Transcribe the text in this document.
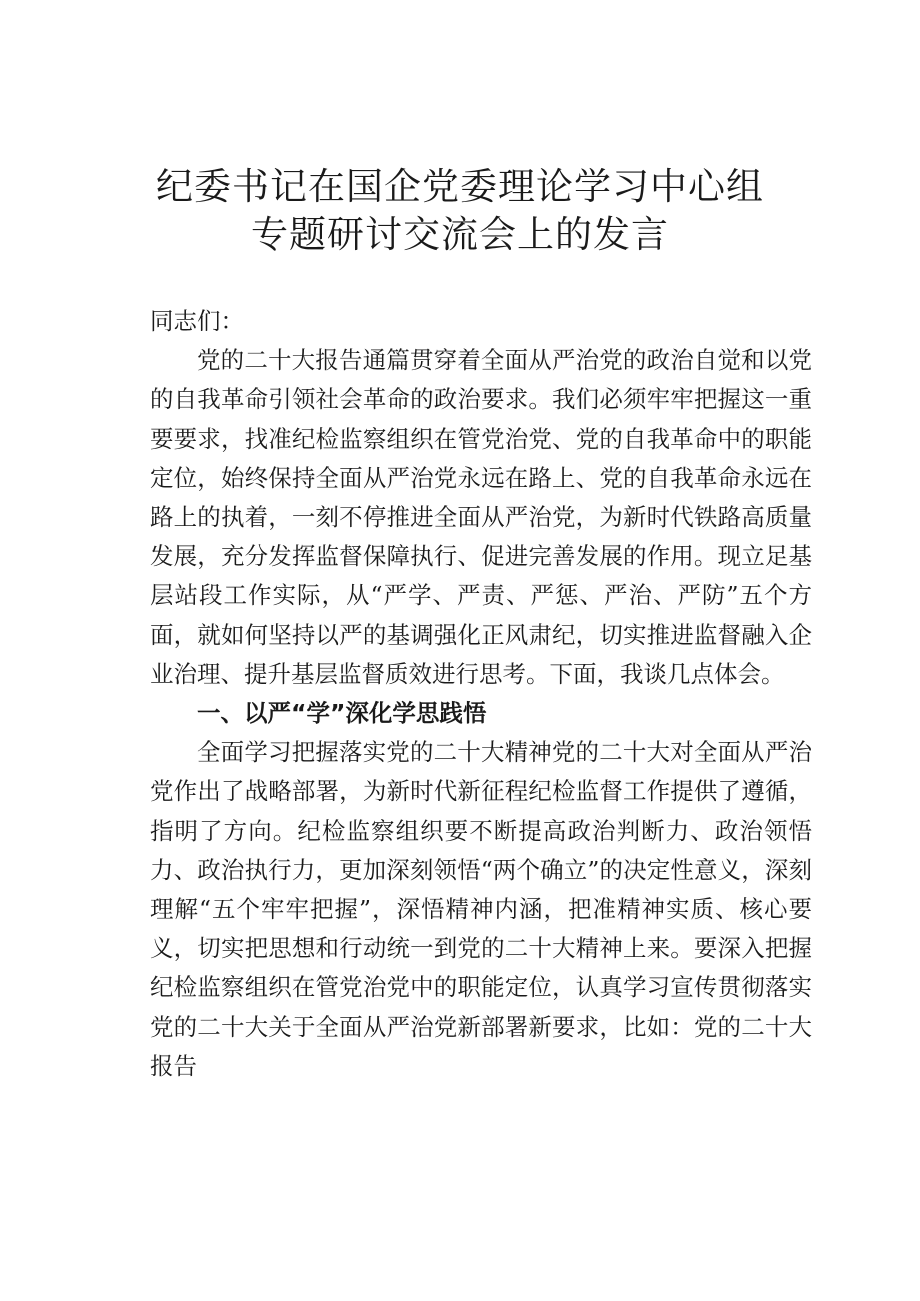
纪委书记在国企党委理论学习中心组
专题研讨交流会上的发言

同志们：

党的二十大报告通篇贯穿着全面从严治党的政治自觉和以党的自我革命引领社会革命的政治要求。我们必须牢牢把握这一重要要求，找准纪检监察组织在管党治党、党的自我革命中的职能定位，始终保持全面从严治党永远在路上、党的自我革命永远在路上的执着，一刻不停推进全面从严治党，为新时代铁路高质量发展，充分发挥监督保障执行、促进完善发展的作用。现立足基层站段工作实际，从“严学、严责、严惩、严治、严防”五个方面，就如何坚持以严的基调强化正风肃纪，切实推进监督融入企业治理、提升基层监督质效进行思考。下面，我谈几点体会。

一、以严“学”深化学思践悟

全面学习把握落实党的二十大精神党的二十大对全面从严治党作出了战略部署，为新时代新征程纪检监督工作提供了遵循，指明了方向。纪检监察组织要不断提高政治判断力、政治领悟力、政治执行力，更加深刻领悟“两个确立”的决定性意义，深刻理解“五个牢牢把握”，深悟精神内涵，把准精神实质、核心要义，切实把思想和行动统一到党的二十大精神上来。要深入把握纪检监察组织在管党治党中的职能定位，认真学习宣传贯彻落实党的二十大关于全面从严治党新部署新要求，比如：党的二十大报告
